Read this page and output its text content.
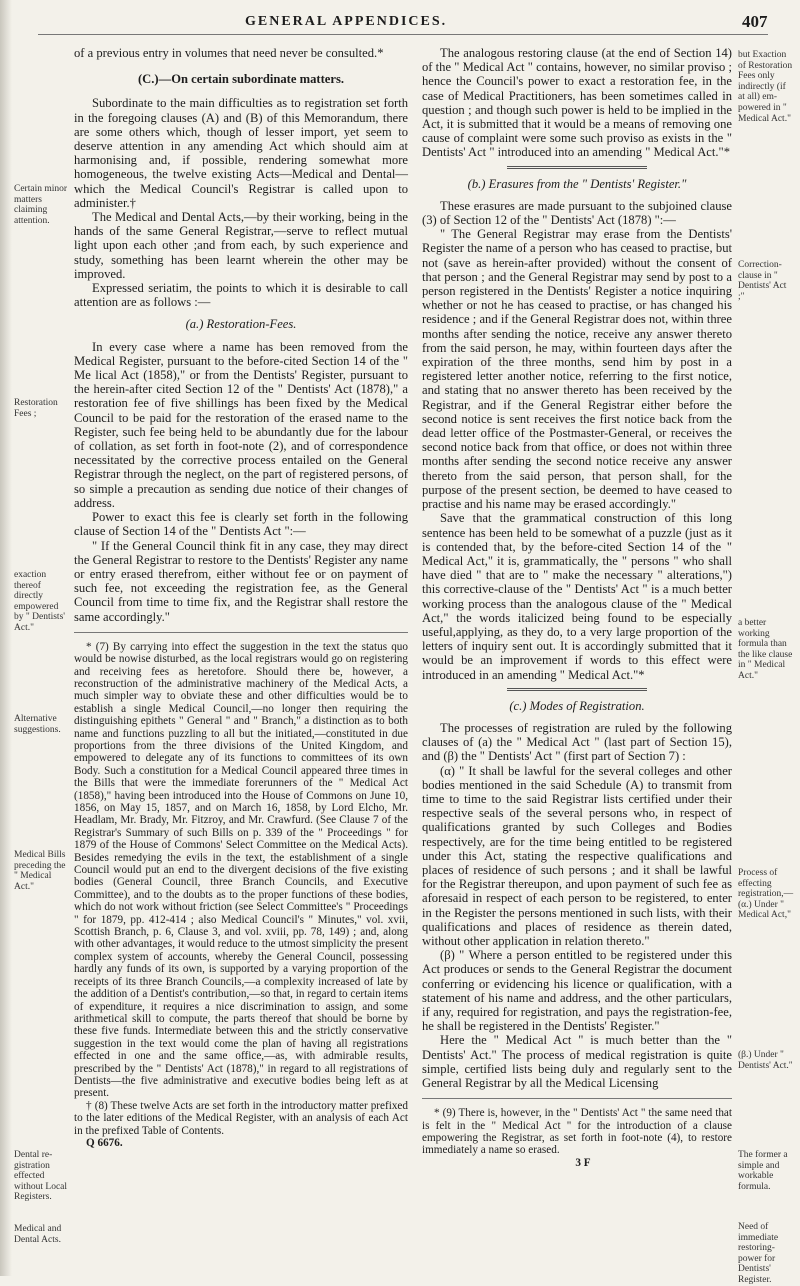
GENERAL APPENDICES.	407

of a previous entry in volumes that need never be consulted.*

(C.)—On certain subordinate matters.

Subordinate to the main difficulties as to registration set forth in the foregoing clauses (A) and (B) of this Memorandum, there are some others which, though of lesser import, yet seem to deserve attention in any amending Act which should aim at harmonising and, if possible, rendering somewhat more homogeneous, the twelve existing Acts—Medical and Dental—which the Medical Council's Registrar is called upon to administer.†

The Medical and Dental Acts,—by their working, being in the hands of the same General Registrar,—serve to reflect mutual light upon each other ;and from each, by such experience and study, something has been learnt wherein the other may be improved.

Expressed seriatim, the points to which it is desirable to call attention are as follows :—

(a.) Restoration-Fees.

In every case where a name has been removed from the Medical Register, pursuant to the before-cited Section 14 of the " Me lical Act (1858)," or from the Dentists' Register, pursuant to the herein-after cited Section 12 of the " Dentists' Act (1878)," a restoration fee of five shillings has been fixed by the Medical Council to be paid for the restoration of the erased name to the Register, such fee being held to be abundantly due for the labour of collation, as set forth in foot-note (2), and of correspondence necessitated by the corrective process entailed on the General Registrar through the neglect, on the part of registered persons, of so simple a precaution as sending due notice of their changes of address.

Power to exact this fee is clearly set forth in the following clause of Section 14 of the " Dentists Act ":—

" If the General Council think fit in any case, they may direct the General Registrar to restore to the Dentists' Register any name or entry erased therefrom, either without fee or on payment of such fee, not exceeding the registration fee, as the General Council from time to time fix, and the Registrar shall restore the same accordingly."

* (7) By carrying into effect the suggestion in the text the status quo would be nowise disturbed, as the local registrars would go on registering and receiving fees as heretofore. Should there be, however, a reconstruction of the administrative machinery of the Medical Acts, a much simpler way to obviate these and other difficulties would be to establish a single Medical Council,—no longer then requiring the distinguishing epithets " General " and " Branch," a distinction as to both name and functions puzzling to all but the initiated,—constituted in due proportions from the three divisions of the United Kingdom, and empowered to delegate any of its functions to committees of its own Body. Such a constitution for a Medical Council appeared three times in the Bills that were the immediate forerunners of the " Medical Act (1858)," having been introduced into the House of Commons on June 10, 1856, on May 15, 1857, and on March 16, 1858, by Lord Elcho, Mr. Headlam, Mr. Brady, Mr. Fitzroy, and Mr. Crawfurd. (See Clause 7 of the Registrar's Summary of such Bills on p. 339 of the " Proceedings " for 1879 of the House of Commons' Select Committee on the Medical Acts). Besides remedying the evils in the text, the establishment of a single Council would put an end to the divergent decisions of the five existing bodies (General Council, three Branch Councils, and Executive Committee), and to the doubts as to the proper functions of these bodies, which do not work without friction (see Select Committee's " Proceedings " for 1879, pp. 412-414 ; also Medical Council's " Minutes," vol. xvii, Scottish Branch, p. 6, Clause 3, and vol. xviii, pp. 78, 149) ; and, along with other advantages, it would reduce to the utmost simplicity the present complex system of accounts, whereby the General Council, possessing hardly any funds of its own, is supported by a varying proportion of the receipts of its three Branch Councils,—a complexity increased of late by the addition of a Dentist's contribution,—so that, in regard to certain items of expenditure, it requires a nice discrimination to assign, and some arithmetical skill to compute, the parts thereof that should be borne by these five funds. Intermediate between this and the strictly conservative suggestion in the text would come the plan of having all registrations effected in one and the same office,—as, with admirable results, prescribed by the " Dentists' Act (1878)," in regard to all registrations of Dentists—the five administrative and executive bodies being left as at present.

† (8) These twelve Acts are set forth in the introductory matter prefixed to the later editions of the Medical Register, with an analysis of each Act in the prefixed Table of Contents.

Q 6676.

Certain minor matters claiming attention.
Restoration Fees ;
exaction thereof directly empowered by " Dentists' Act."
Alternative suggestions.
Medical Bills preceding the " Medical Act."
Dental registration effected without Local Registers.
Medical and Dental Acts.

The analogous restoring clause (at the end of Section 14) of the " Medical Act " contains, however, no similar proviso ; hence the Council's power to exact a restoration fee, in the case of Medical Practitioners, has been sometimes called in question ; and though such power is held to be implied in the Act, it is submitted that it would be a means of removing one cause of complaint were some such proviso as exists in the " Dentists' Act " introduced into an amending " Medical Act."*

(b.) Erasures from the " Dentists' Register."

These erasures are made pursuant to the subjoined clause (3) of Section 12 of the " Dentists' Act (1878) ":—

" The General Registrar may erase from the Dentists' Register the name of a person who has ceased to practise, but not (save as herein-after provided) without the consent of that person ; and the General Registrar may send by post to a person registered in the Dentists' Register a notice inquiring whether or not he has ceased to practise, or has changed his residence ; and if the General Registrar does not, within three months after sending the notice, receive any answer thereto from the said person, he may, within fourteen days after the expiration of the three months, send him by post in a registered letter another notice, referring to the first notice, and stating that no answer thereto has been received by the Registrar, and if the General Registrar either before the second notice is sent receives the first notice back from the dead letter office of the Postmaster-General, or receives the second notice back from that office, or does not within three months after sending the second notice receive any answer thereto from the said person, that person shall, for the purpose of the present section, be deemed to have ceased to practise and his name may be erased accordingly."

Save that the grammatical construction of this long sentence has been held to be somewhat of a puzzle (just as it is contended that, by the before-cited Section 14 of the " Medical Act," it is, grammatically, the " persons " who shall have died " that are to " make the necessary " alterations,") this corrective-clause of the " Dentists' Act " is a much better working process than the analogous clause of the " Medical Act," the words italicized being found to be especially useful,applying, as they do, to a very large proportion of the letters of inquiry sent out. It is accordingly submitted that it would be an improvement if words to this effect were introduced in an amending " Medical Act."*

(c.) Modes of Registration.

The processes of registration are ruled by the following clauses of (a) the " Medical Act " (last part of Section 15), and (β) the " Dentists' Act " (first part of Section 7) :

(α) " It shall be lawful for the several colleges and other bodies mentioned in the said Schedule (A) to transmit from time to time to the said Registrar lists certified under their respective seals of the several persons who, in respect of qualifications granted by such Colleges and Bodies respectively, are for the time being entitled to be registered under this Act, stating the respective qualifications and places of residence of such persons ; and it shall be lawful for the Registrar thereupon, and upon payment of such fee as aforesaid in respect of each person to be registered, to enter in the Register the persons mentioned in such lists, with their qualifications and places of residence as therein dated, without other application in relation thereto."

(β) " Where a person entitled to be registered under this Act produces or sends to the General Registrar the document conferring or evidencing his licence or qualification, with a statement of his name and address, and the other particulars, if any, required for registration, and pays the registration-fee, he shall be registered in the Dentists' Register."

Here the " Medical Act " is much better than the " Dentists' Act." The process of medical registration is quite simple, certified lists being duly and regularly sent to the General Registrar by all the Medical Licensing

* (9) There is, however, in the " Dentists' Act " the same need that is felt in the " Medical Act " for the introduction of a clause empowering the Registrar, as set forth in foot-note (4), to restore immediately a name so erased.

3 F

but Exaction of Restoration Fees only indirectly (if at all) empowered in " Medical Act."
Correction-clause in " Dentists' Act ;"
a better working formula than the like clause in " Medical Act."
Process of effecting registration,— (α.) Under " Medical Act,"
(β.) Under " Dentists' Act."
The former a simple and workable formula.
Need of immediate restoring-power for Dentists' Register.
